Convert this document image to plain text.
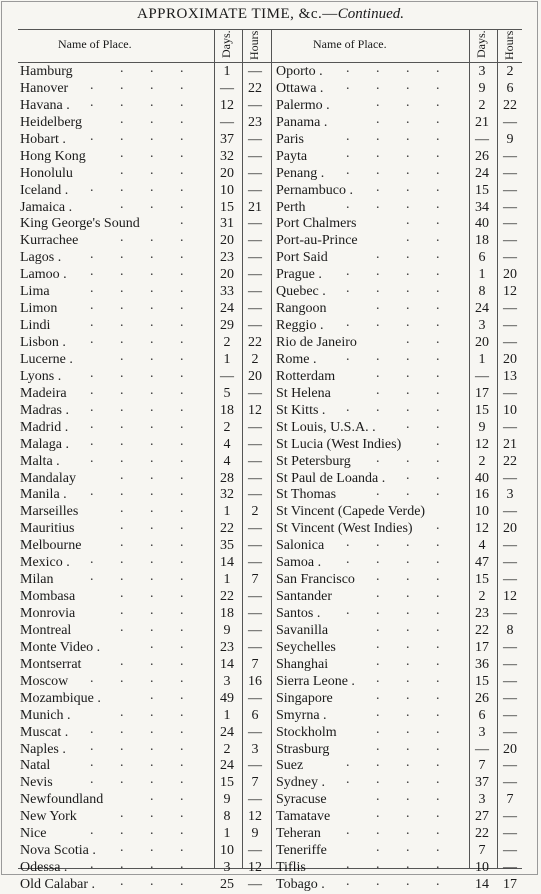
APPROXIMATE TIME, &c.—Continued.
Name of Place.	Days. Hours	Name of Place.	Days. Hours
Hamburg	1	—
. . .
Hanover	— 22
. . . .
Havana .	12 —
. . . .
Heidelberg	— 23
. . .
Hobart .	37 —
. . . .
Hong Kong	32 —
. . .
Honolulu	20 —
. . .
Iceland .	10 —
. . . .
Jamaica .	15 21
. . .
King George's Sound	31 —
.
Kurrachee	20 —
. . .
Lagos .	23 —
. . . .
Lamoo .	20 —
. . . .
Lima	33 —
. . . .
Limon	24 —
. . . .
Lindi	29 —
. . . .
Lisbon .	2	22
. . . .
Lucerne .	1	2
. . .
Lyons .	— 20
. . . .
Madeira	5	—
. . . .
Madras .	18 12
. . . .
Madrid .	2	—
. . . .
Malaga .	4	—
. . . .
Malta .	4	—
. . . .
Mandalay	28 —
. . .
Manila .	32 —
. . . .
Marseilles	1	2
. . .
Mauritius	22 —
. . .
Melbourne	35 —
. . .
Mexico .	14 —
. . . .
Milan	1	7
. . . .
Mombasa	22 —
. . .
Monrovia	18 —
. . .
Montreal	9	—
. . .
Monte Video .	23 —
. .
Montserrat	14	7
. . .
Moscow	3	16
. . . .
Mozambique .	49 —
. .
Munich .	1	6
. . .
Muscat .	24 —
. . . .
Naples .	2	3
. . . .
Natal	24 —
. . . .
Nevis	15	7
. . . .
Newfoundland	9	—
. .
New York	8	12
. . .
Nice	1	9
. . . .
Nova Scotia .	10 —
. . .
Odessa .	3	12
. . . .
Old Calabar .	25 —
. . .
Oporto .	3	2
. . . .
Ottawa .	9	6
. . . .
Palermo .	2	22
. . .
Panama .	21 —
. . .
Paris	—	9
. . . .
Payta	26 —
. . . .
Penang .	24 —
. . . .
Pernambuco .	15 —
. . .
Perth	34 —
. . . .
Port Chalmers	40 —
. .
Port-au-Prince	18 —
. .
Port Said	6	—
. . .
Prague .	1	20
. . . .
Quebec .	8	12
. . . .
Rangoon	24 —
. . .
Reggio .	3	—
. . . .
Rio de Janeiro	20 —
. .
Rome .	1	20
. . . .
Rotterdam	— 13
. . .
St Helena	17 —
. . .
St Kitts .	15 10
. . . .
St Louis, U.S.A. .	9	—
. .
St Lucia (West Indies)	12 21
.
St Petersburg	2	22
. . .
St Paul de Loanda .	40 —
. .
St Thomas	16	3
. . .
St Vincent (Capede Verde)	10 —
St Vincent (West Indies)	12 20
.
Salonica	4	—
. . . .
Samoa .	47 —
. . . .
San Francisco	15 —
. . .
Santander	2	12
. . .
Santos .	23 —
. . . .
Savanilla	22	8
. . .
Seychelles	17 —
. . .
Shanghai	36 —
. . .
Sierra Leone .	15 —
. . .
Singapore	26 —
. . .
Smyrna .	6	—
. . .
Stockholm	3	—
. . .
Strasburg	— 20
. . .
Suez	7	—
. . . .
Sydney .	37 —
. . . .
Syracuse	3	7
. . .
Tamatave	27 —
. . .
Teheran	22 —
. . . .
Teneriffe	7	—
. . .
Tiflis	10 —
. . . .
Tobago .	14 17
. . . .
